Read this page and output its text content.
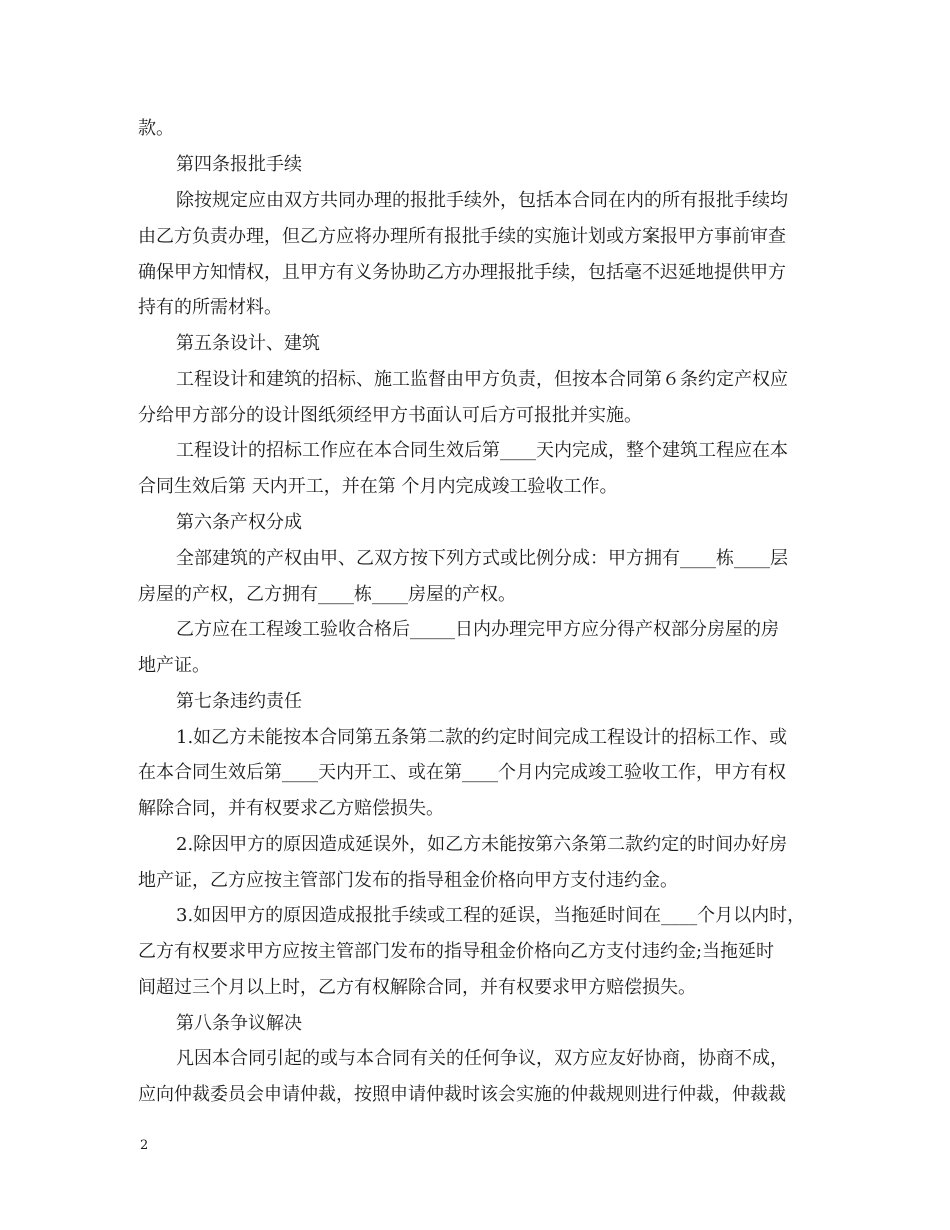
款。
第四条报批手续
除按规定应由双方共同办理的报批手续外，包括本合同在内的所有报批手续均
由乙方负责办理，但乙方应将办理所有报批手续的实施计划或方案报甲方事前审查
确保甲方知情权，且甲方有义务协助乙方办理报批手续，包括毫不迟延地提供甲方
持有的所需材料。
第五条设计、建筑
工程设计和建筑的招标、施工监督由甲方负责，但按本合同第６条约定产权应
分给甲方部分的设计图纸须经甲方书面认可后方可报批并实施。
工程设计的招标工作应在本合同生效后第____天内完成，整个建筑工程应在本
合同生效后第 天内开工，并在第 个月内完成竣工验收工作。
第六条产权分成
全部建筑的产权由甲、乙双方按下列方式或比例分成：甲方拥有____栋____层
房屋的产权，乙方拥有____栋____房屋的产权。
乙方应在工程竣工验收合格后_____日内办理完甲方应分得产权部分房屋的房
地产证。
第七条违约责任
1.如乙方未能按本合同第五条第二款的约定时间完成工程设计的招标工作、或
在本合同生效后第____天内开工、或在第____个月内完成竣工验收工作，甲方有权
解除合同，并有权要求乙方赔偿损失。
2.除因甲方的原因造成延误外，如乙方未能按第六条第二款约定的时间办好房
地产证，乙方应按主管部门发布的指导租金价格向甲方支付违约金。
3.如因甲方的原因造成报批手续或工程的延误，当拖延时间在____个月以内时，
乙方有权要求甲方应按主管部门发布的指导租金价格向乙方支付违约金;当拖延时
间超过三个月以上时，乙方有权解除合同，并有权要求甲方赔偿损失。
第八条争议解决
凡因本合同引起的或与本合同有关的任何争议，双方应友好协商，协商不成，
应向仲裁委员会申请仲裁，按照申请仲裁时该会实施的仲裁规则进行仲裁，仲裁裁
2
